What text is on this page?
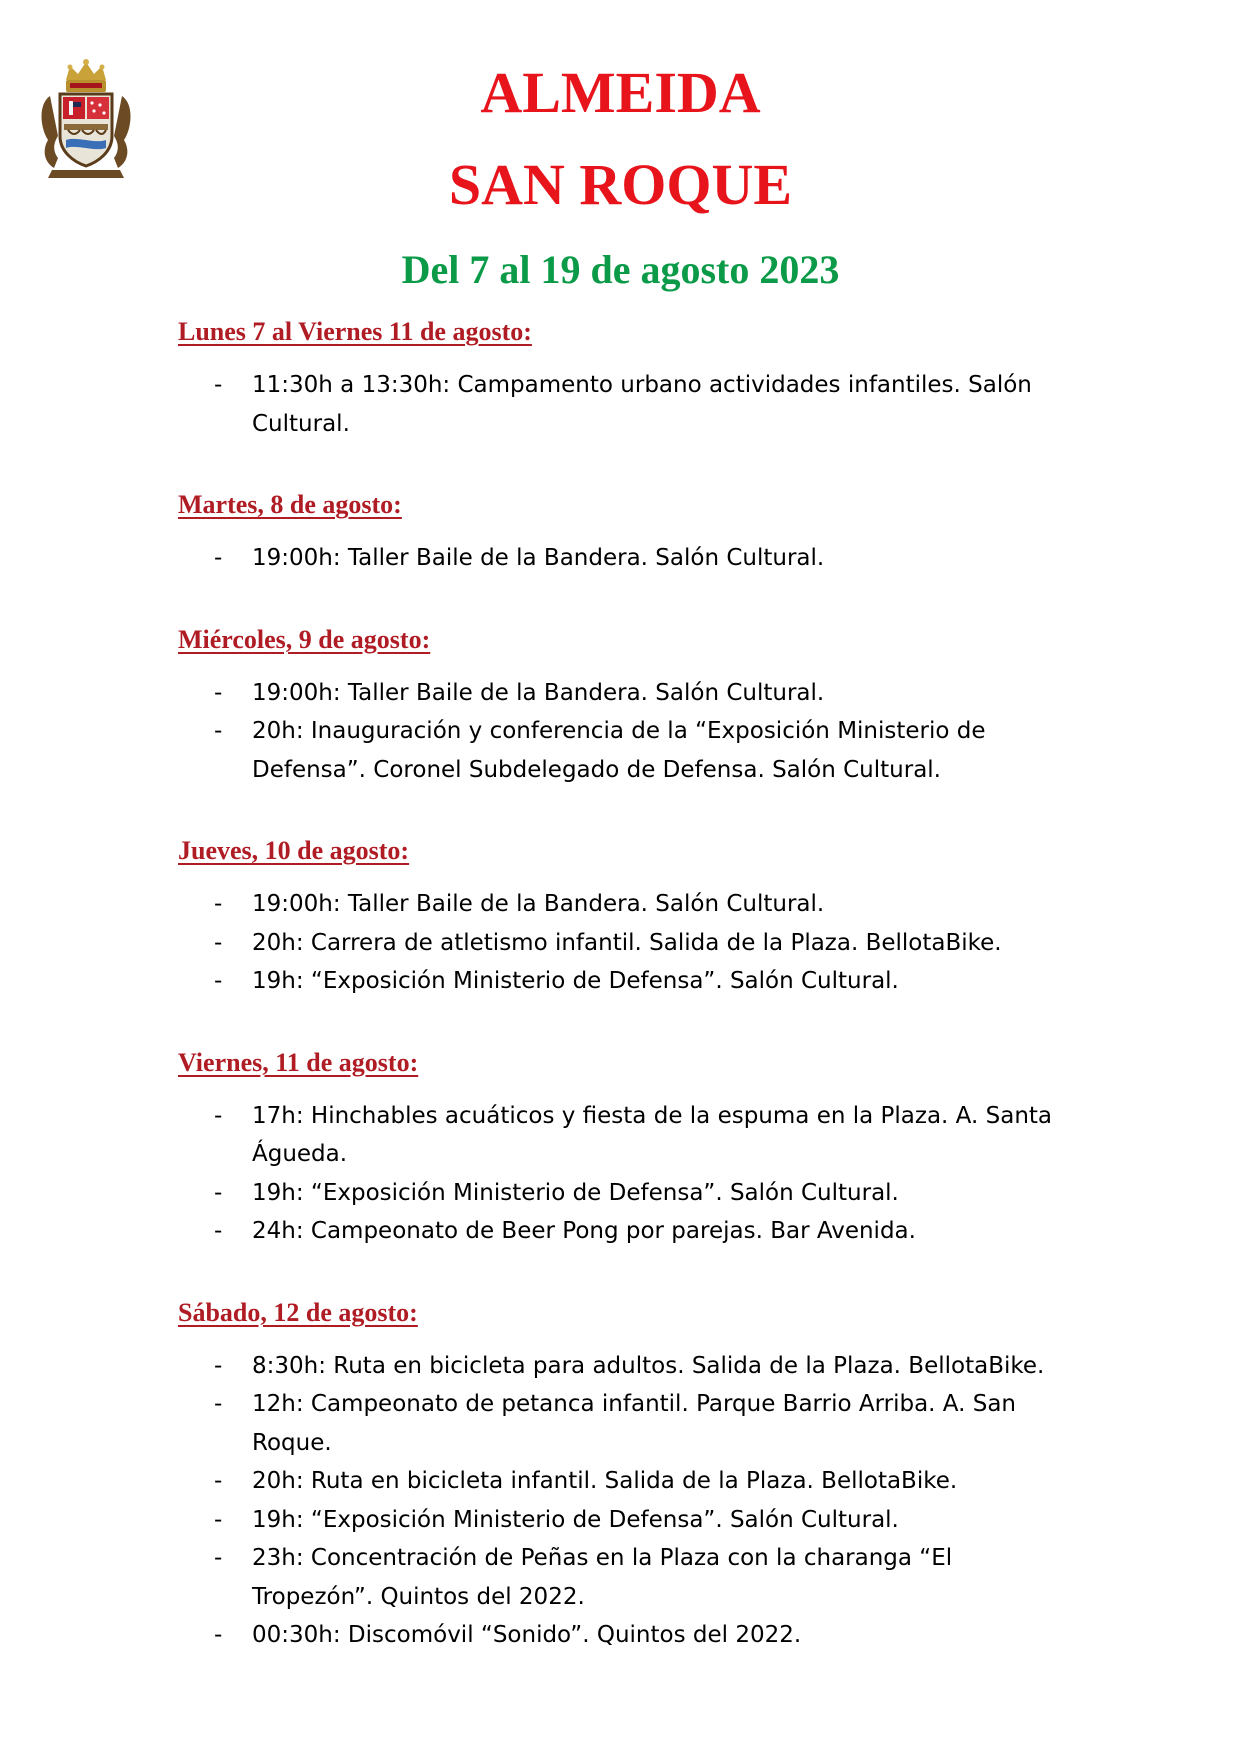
ALMEIDA
SAN ROQUE
Del 7 al 19 de agosto 2023
Lunes 7 al Viernes 11 de agosto:
- 11:30h a 13:30h: Campamento urbano actividades infantiles. Salón Cultural.
Martes, 8 de agosto:
- 19:00h: Taller Baile de la Bandera. Salón Cultural.
Miércoles, 9 de agosto:
- 19:00h: Taller Baile de la Bandera. Salón Cultural.
- 20h: Inauguración y conferencia de la “Exposición Ministerio de Defensa”. Coronel Subdelegado de Defensa. Salón Cultural.
Jueves, 10 de agosto:
- 19:00h: Taller Baile de la Bandera. Salón Cultural.
- 20h: Carrera de atletismo infantil. Salida de la Plaza. BellotaBike.
- 19h: “Exposición Ministerio de Defensa”. Salón Cultural.
Viernes, 11 de agosto:
- 17h: Hinchables acuáticos y fiesta de la espuma en la Plaza. A. Santa Águeda.
- 19h: “Exposición Ministerio de Defensa”. Salón Cultural.
- 24h: Campeonato de Beer Pong por parejas. Bar Avenida.
Sábado, 12 de agosto:
- 8:30h: Ruta en bicicleta para adultos. Salida de la Plaza. BellotaBike.
- 12h: Campeonato de petanca infantil. Parque Barrio Arriba. A. San Roque.
- 20h: Ruta en bicicleta infantil. Salida de la Plaza. BellotaBike.
- 19h: “Exposición Ministerio de Defensa”. Salón Cultural.
- 23h: Concentración de Peñas en la Plaza con la charanga “El Tropezón”. Quintos del 2022.
- 00:30h: Discomóvil “Sonido”. Quintos del 2022.
